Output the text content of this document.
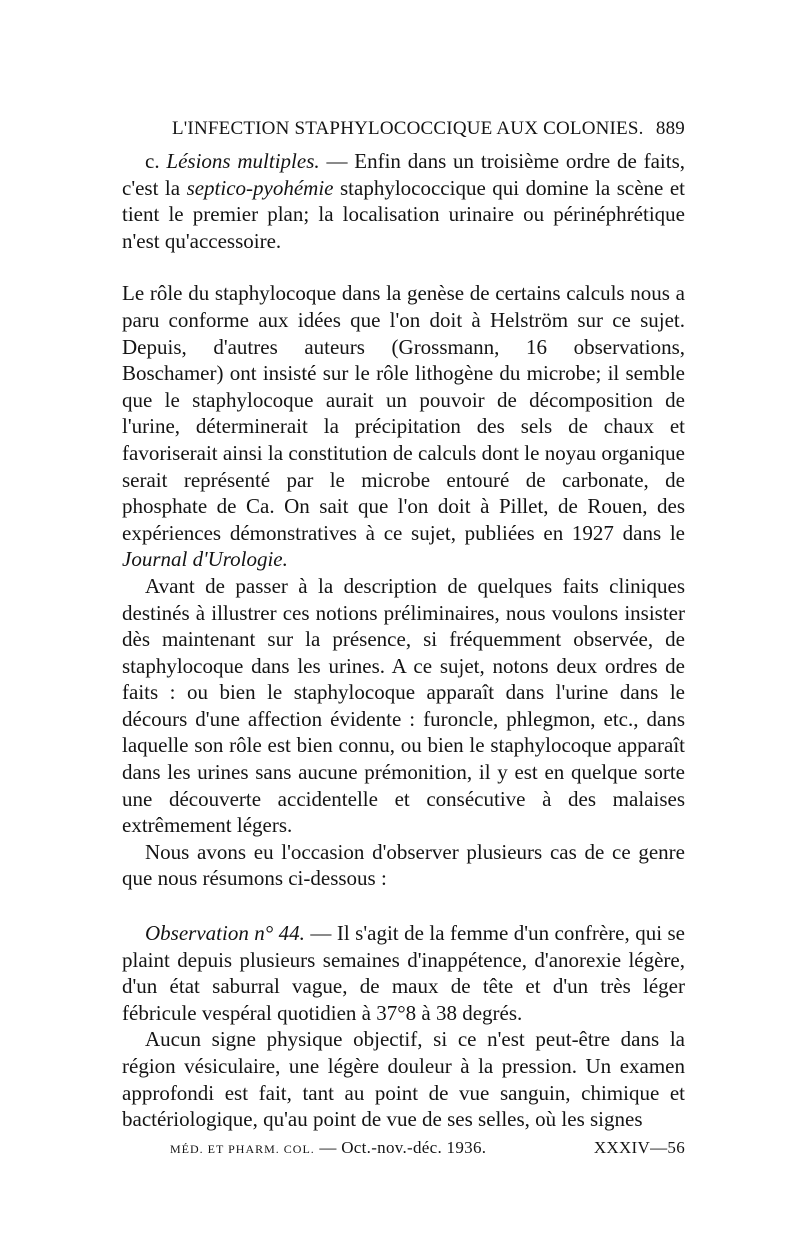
L'INFECTION STAPHYLOCOCCIQUE AUX COLONIES. 889

c. Lésions multiples. — Enfin dans un troisième ordre de faits, c'est la septico-pyohémie staphylococcique qui domine la scène et tient le premier plan; la localisation urinaire ou périnéphrétique n'est qu'accessoire.

Le rôle du staphylocoque dans la genèse de certains calculs nous a paru conforme aux idées que l'on doit à Helström sur ce sujet. Depuis, d'autres auteurs (Grossmann, 16 observations, Boschamer) ont insisté sur le rôle lithogène du microbe; il semble que le staphylocoque aurait un pouvoir de décomposition de l'urine, déterminerait la précipitation des sels de chaux et favoriserait ainsi la constitution de calculs dont le noyau organique serait représenté par le microbe entouré de carbonate, de phosphate de Ca. On sait que l'on doit à Pillet, de Rouen, des expériences démonstratives à ce sujet, publiées en 1927 dans le Journal d'Urologie.

Avant de passer à la description de quelques faits cliniques destinés à illustrer ces notions préliminaires, nous voulons insister dès maintenant sur la présence, si fréquemment observée, de staphylocoque dans les urines. A ce sujet, notons deux ordres de faits : ou bien le staphylocoque apparaît dans l'urine dans le décours d'une affection évidente : furoncle, phlegmon, etc., dans laquelle son rôle est bien connu, ou bien le staphylocoque apparaît dans les urines sans aucune prémonition, il y est en quelque sorte une découverte accidentelle et consécutive à des malaises extrêmement légers.

Nous avons eu l'occasion d'observer plusieurs cas de ce genre que nous résumons ci-dessous :

Observation n° 44. — Il s'agit de la femme d'un confrère, qui se plaint depuis plusieurs semaines d'inappétence, d'anorexie légère, d'un état saburral vague, de maux de tête et d'un très léger fébricule vespéral quotidien à 37°8 à 38 degrés.

Aucun signe physique objectif, si ce n'est peut-être dans la région vésiculaire, une légère douleur à la pression. Un examen approfondi est fait, tant au point de vue sanguin, chimique et bactériologique, qu'au point de vue de ses selles, où les signes

MÉD. ET PHARM. COL. — Oct.-nov.-déc. 1936.	XXXIV—56
